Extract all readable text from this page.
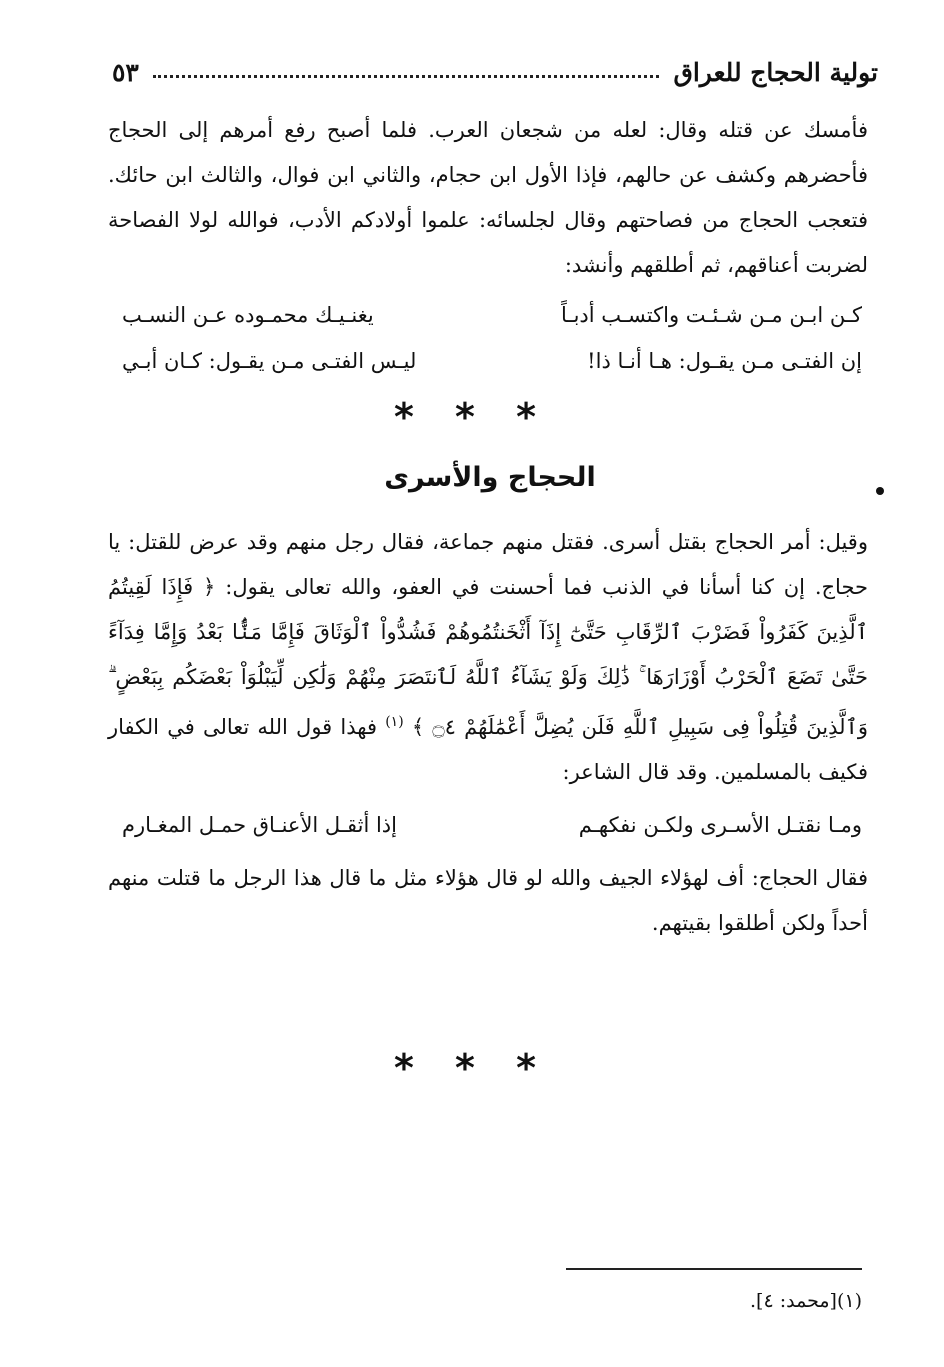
تولية الحجاج للعراق
٥٣

فأمسك عن قتله وقال: لعله من شجعان العرب. فلما أصبح رفع أمرهم إلى الحجاج فأحضرهم وكشف عن حالهم، فإذا الأول ابن حجام، والثاني ابن فوال، والثالث ابن حائك. فتعجب الحجاج من فصاحتهم وقال لجلسائه: علموا أولادكم الأدب، فوالله لولا الفصاحة لضربت أعناقهم، ثم أطلقهم وأنشد:

كـن ابـن مـن شـئـت واكتسـب أدبـاً
يغنـيـك محمـوده عـن النسـب
إن الفتـى مـن يقـول: هـا أنـا ذا!
ليـس الفتـى مـن يقـول: كـان أبـي
* * *
الحجاج والأسرى
وقيل: أمر الحجاج بقتل أسرى. فقتل منهم جماعة، فقال رجل منهم وقد عرض للقتل: يا حجاج. إن كنا أسأنا في الذنب فما أحسنت في العفو، والله تعالى يقول: ﴿ فَإِذَا لَقِيتُمُ ٱلَّذِينَ كَفَرُواْ فَضَرْبَ ٱلرِّقَابِ حَتَّىٰٓ إِذَآ أَثْخَنتُمُوهُمْ فَشُدُّواْ ٱلْوَثَاقَ فَإِمَّا مَنًّۢا بَعْدُ وَإِمَّا فِدَآءً حَتَّىٰ تَضَعَ ٱلْحَرْبُ أَوْزَارَهَا ۚ ذَٰلِكَ وَلَوْ يَشَآءُ ٱللَّهُ لَٱنتَصَرَ مِنْهُمْ وَلَٰكِن لِّيَبْلُوَاْ بَعْضَكُم بِبَعْضٍ ۗ وَٱلَّذِينَ قُتِلُواْ فِى سَبِيلِ ٱللَّهِ فَلَن يُضِلَّ أَعْمَٰلَهُمْ ۝٤ ﴾ $^{(١)}$ فهذا قول الله تعالى في الكفار فكيف بالمسلمين. وقد قال الشاعر:
ومـا نقتـل الأسـرى ولكـن نفكهـم
إذا أثقـل الأعنـاق حمـل المغـارم

فقال الحجاج: أف لهؤلاء الجيف والله لو قال هؤلاء مثل ما قال هذا الرجل ما قتلت منهم أحداً ولكن أطلقوا بقيتهم.

* * *
(١)[محمد: ٤].
